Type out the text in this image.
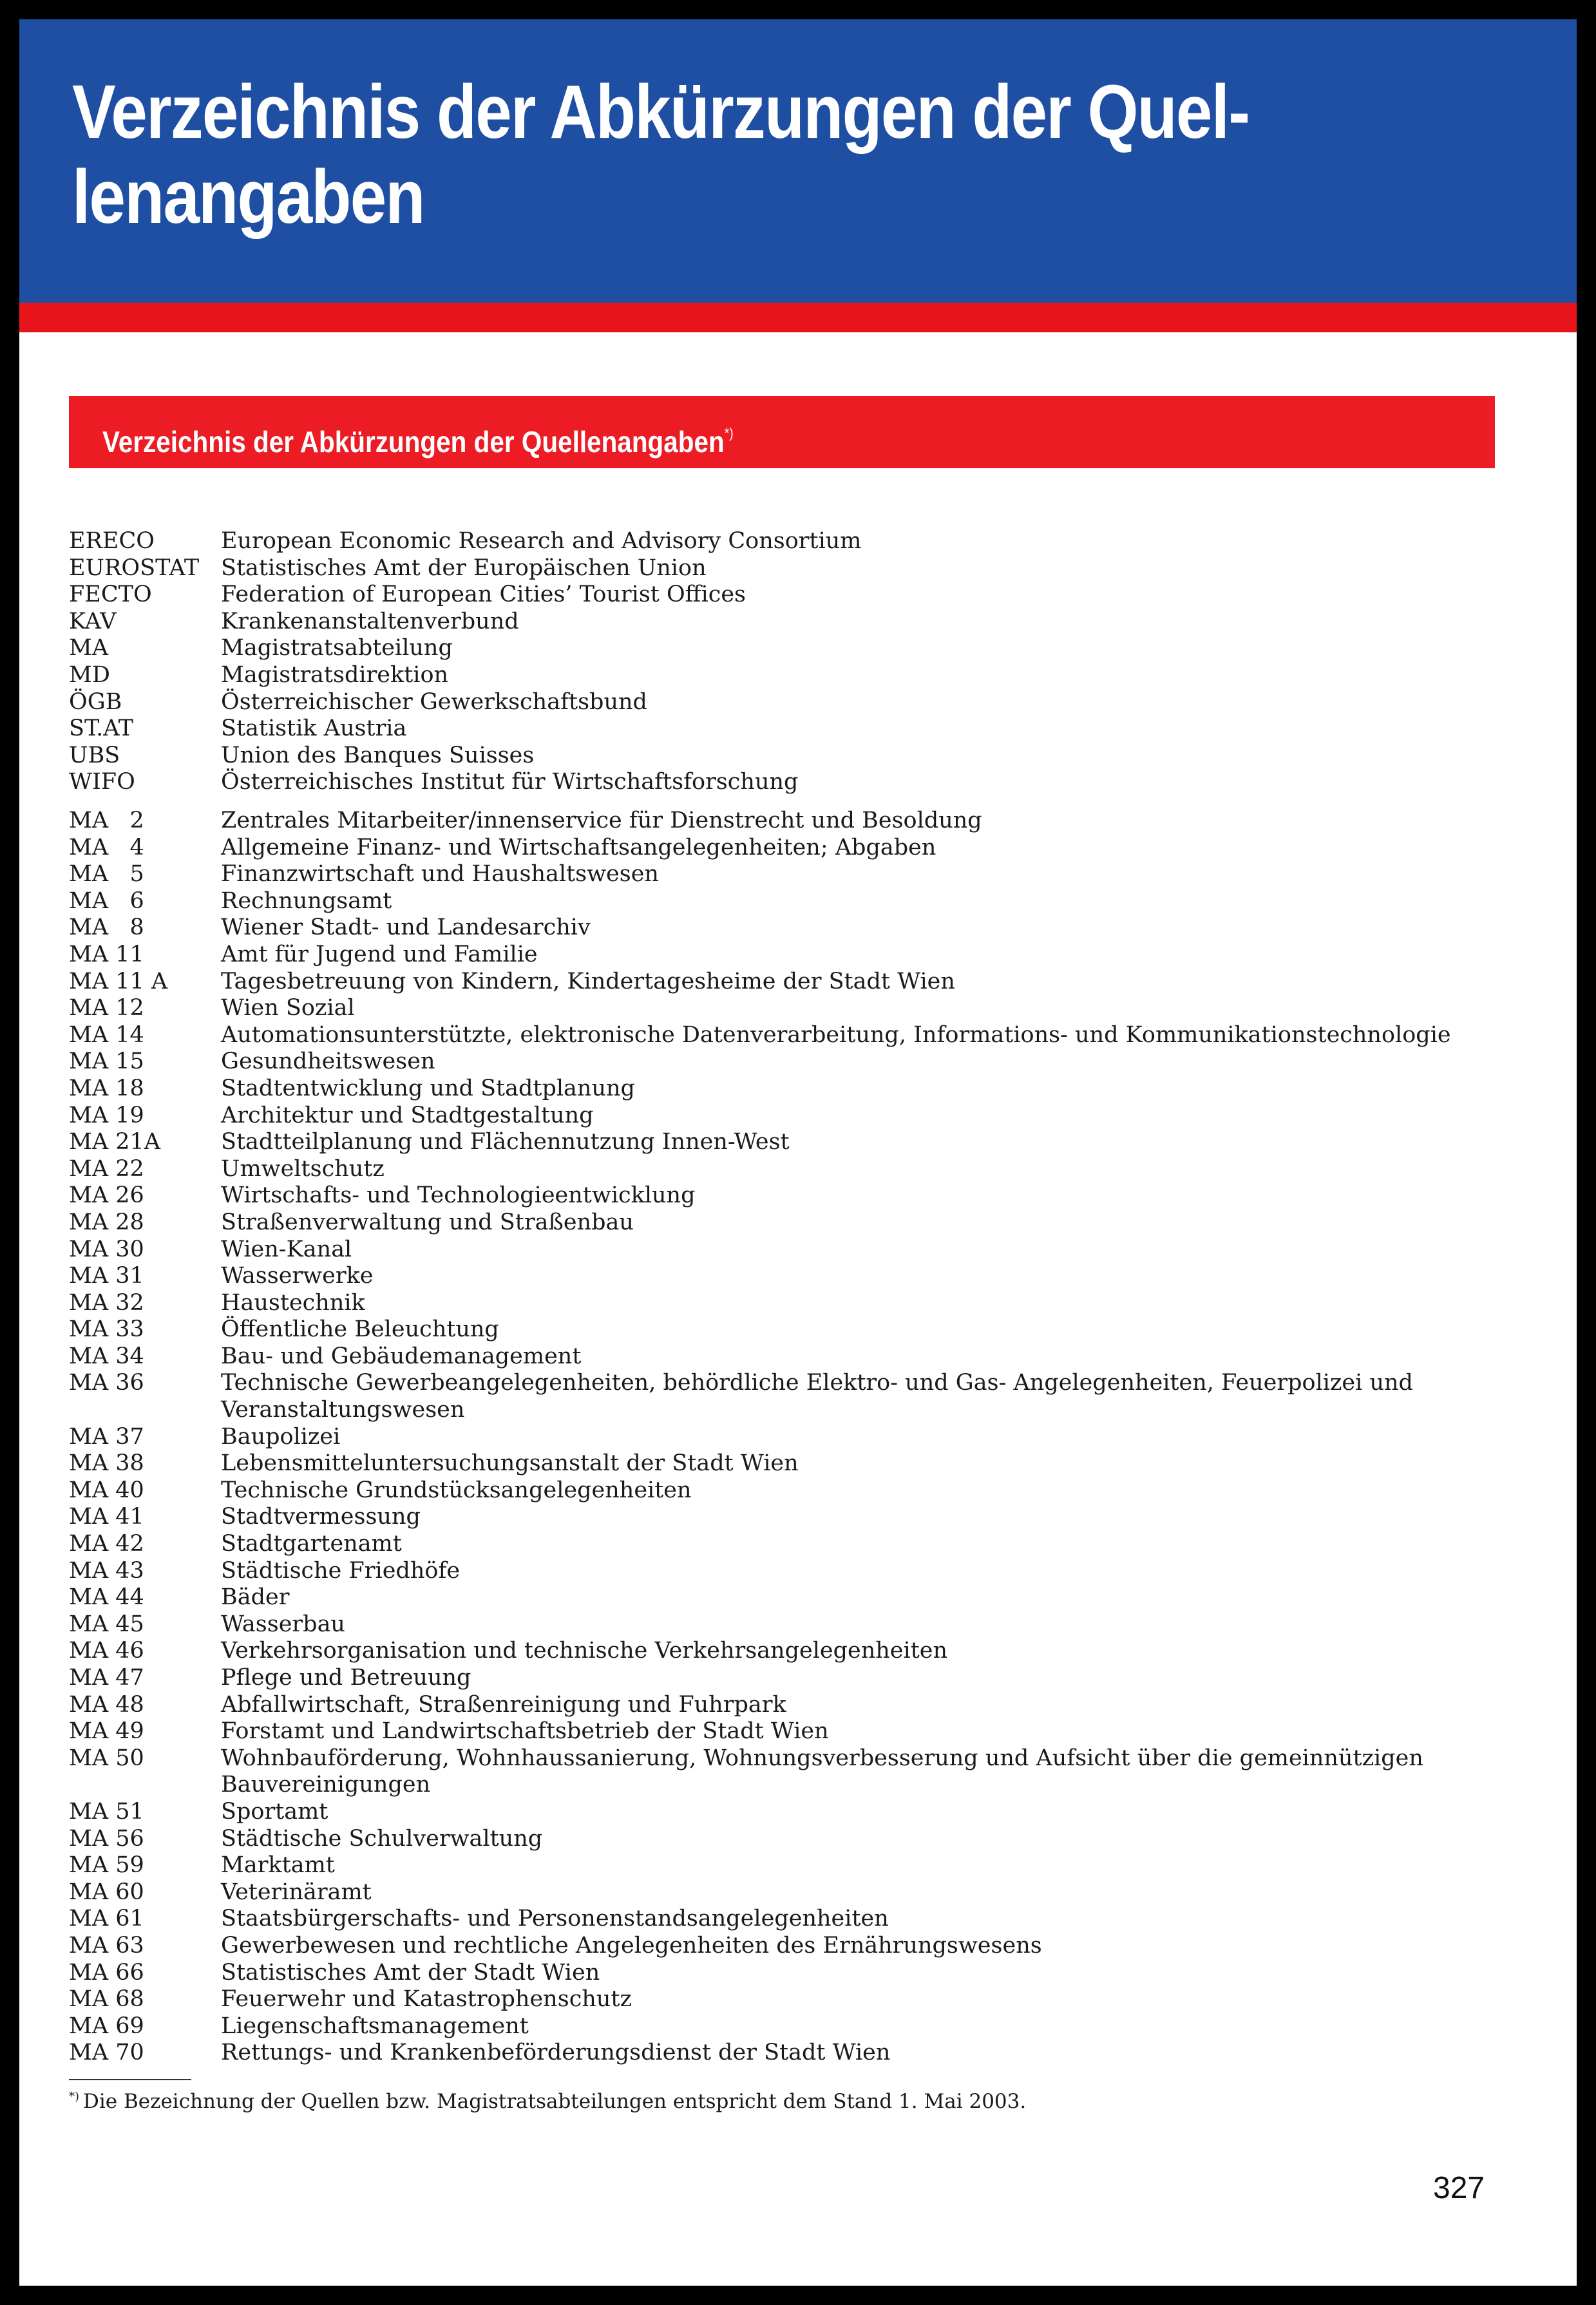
Verzeichnis der Abkürzungen der Quel-
lenangaben
Verzeichnis der Abkürzungen der Quellenangaben*)
ERECO	European Economic Research and Advisory Consortium
EUROSTAT Statistisches Amt der Europäischen Union
FECTO	Federation of European Cities’ Tourist Offices
KAV	Krankenanstaltenverbund
MA	Magistratsabteilung
MD	Magistratsdirektion
ÖGB	Österreichischer Gewerkschaftsbund
ST.AT	Statistik Austria
UBS	Union des Banques Suisses
WIFO	Österreichisches Institut für Wirtschaftsforschung
MA   2	Zentrales Mitarbeiter/innenservice für Dienstrecht und Besoldung
MA   4	Allgemeine Finanz- und Wirtschaftsangelegenheiten; Abgaben
MA   5	Finanzwirtschaft und Haushaltswesen
MA   6	Rechnungsamt
MA   8	Wiener Stadt- und Landesarchiv
MA 11	Amt für Jugend und Familie
MA 11 A	Tagesbetreuung von Kindern, Kindertagesheime der Stadt Wien
MA 12	Wien Sozial
MA 14	Automationsunterstützte, elektronische Datenverarbeitung, Informations- und Kommunikationstechnologie
MA 15	Gesundheitswesen
MA 18	Stadtentwicklung und Stadtplanung
MA 19	Architektur und Stadtgestaltung
MA 21A	Stadtteilplanung und Flächennutzung Innen-West
MA 22	Umweltschutz
MA 26	Wirtschafts- und Technologieentwicklung
MA 28	Straßenverwaltung und Straßenbau
MA 30	Wien-Kanal
MA 31	Wasserwerke
MA 32	Haustechnik
MA 33	Öffentliche Beleuchtung
MA 34	Bau- und Gebäudemanagement
MA 36	Technische Gewerbeangelegenheiten, behördliche Elektro- und Gas- Angelegenheiten, Feuerpolizei und Veranstaltungswesen
MA 37	Baupolizei
MA 38	Lebensmitteluntersuchungsanstalt der Stadt Wien
MA 40	Technische Grundstücksangelegenheiten
MA 41	Stadtvermessung
MA 42	Stadtgartenamt
MA 43	Städtische Friedhöfe
MA 44	Bäder
MA 45	Wasserbau
MA 46	Verkehrsorganisation und technische Verkehrsangelegenheiten
MA 47	Pflege und Betreuung
MA 48	Abfallwirtschaft, Straßenreinigung und Fuhrpark
MA 49	Forstamt und Landwirtschaftsbetrieb der Stadt Wien
MA 50	Wohnbauförderung, Wohnhaussanierung, Wohnungsverbesserung und Aufsicht über die gemeinnützigen Bauvereinigungen
MA 51	Sportamt
MA 56	Städtische Schulverwaltung
MA 59	Marktamt
MA 60	Veterinäramt
MA 61	Staatsbürgerschafts- und Personenstandsangelegenheiten
MA 63	Gewerbewesen und rechtliche Angelegenheiten des Ernährungswesens
MA 66	Statistisches Amt der Stadt Wien
MA 68	Feuerwehr und Katastrophenschutz
MA 69	Liegenschaftsmanagement
MA 70	Rettungs- und Krankenbeförderungsdienst der Stadt Wien
*) Die Bezeichnung der Quellen bzw. Magistratsabteilungen entspricht dem Stand 1. Mai 2003.
327
